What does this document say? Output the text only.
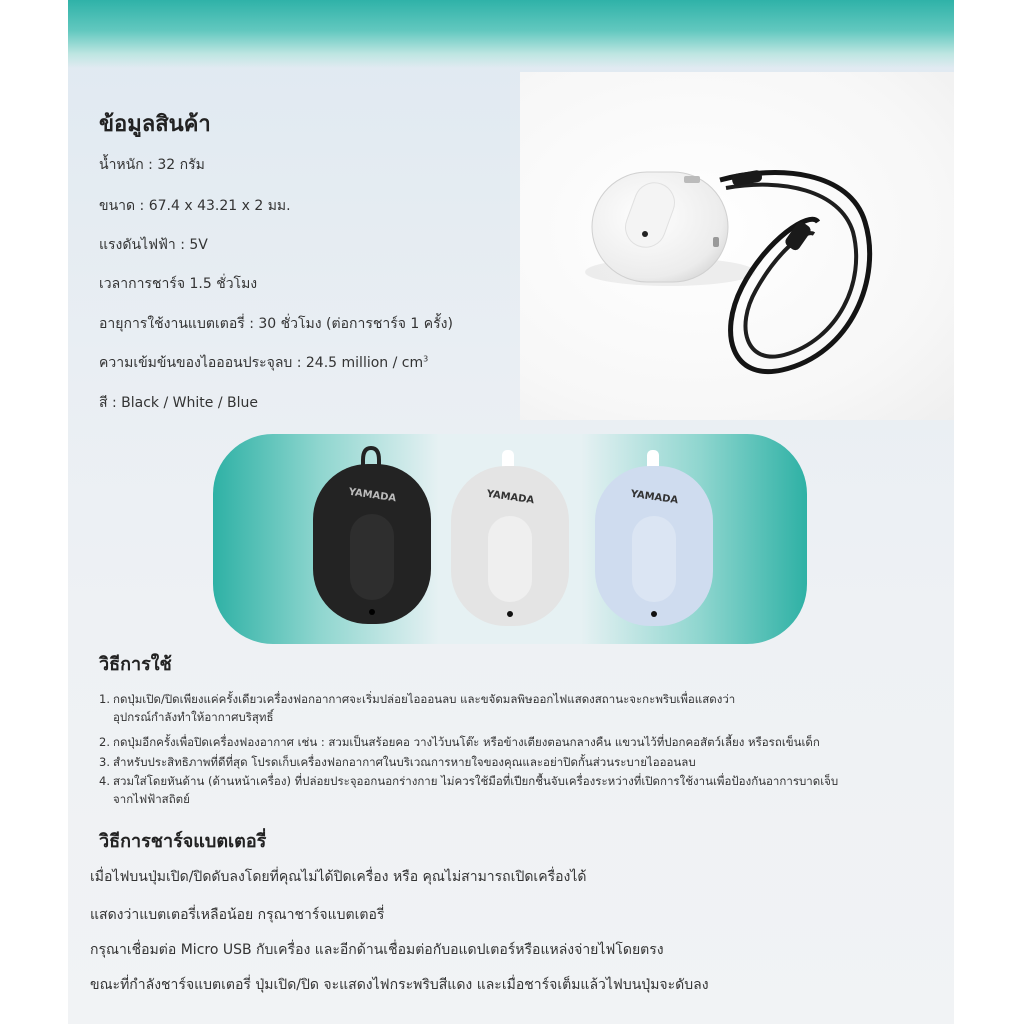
ข้อมูลสินค้า
น้ำหนัก : 32 กรัม
ขนาด : 67.4 x 43.21 x 2 มม.
แรงดันไฟฟ้า : 5V
เวลาการชาร์จ 1.5 ชั่วโมง
อายุการใช้งานแบตเตอรี่ : 30 ชั่วโมง (ต่อการชาร์จ 1 ครั้ง)
ความเข้มข้นของไอออนประจุลบ : 24.5 million / $cm^3$
สี : Black / White / Blue
YAMADA	YAMADA	YAMADA
วิธีการใช้
1. กดปุ่มเปิด/ปิดเพียงแค่ครั้งเดียวเครื่องฟอกอากาศจะเริ่มปล่อยไอออนลบ และขจัดมลพิษออกไฟแสดงสถานะจะกะพริบเพื่อแสดงว่า
อุปกรณ์กำลังทำให้อากาศบริสุทธิ์
2. กดปุ่มอีกครั้งเพื่อปิดเครื่องฟองอากาศ เช่น : สวมเป็นสร้อยคอ วางไว้บนโต๊ะ หรือข้างเตียงตอนกลางคืน แขวนไว้ที่ปอกคอสัตว์เลี้ยง หรือรถเข็นเด็ก
3. สำหรับประสิทธิภาพที่ดีที่สุด โปรดเก็บเครื่องฟอกอากาศในบริเวณการหายใจของคุณและอย่าปิดกั้นส่วนระบายไอออนลบ
4. สวมใส่โดยหันด้าน (ด้านหน้าเครื่อง) ที่ปล่อยประจุออกนอกร่างกาย ไม่ควรใช้มือที่เปียกชื้นจับเครื่องระหว่างที่เปิดการใช้งานเพื่อป้องกันอาการบาดเจ็บ
จากไฟฟ้าสถิตย์
วิธีการชาร์จแบตเตอรี่
เมื่อไฟบนปุ่มเปิด/ปิดดับลงโดยที่คุณไม่ได้ปิดเครื่อง หรือ คุณไม่สามารถเปิดเครื่องได้
แสดงว่าแบตเตอรี่เหลือน้อย กรุณาชาร์จแบตเตอรี่
กรุณาเชื่อมต่อ Micro USB กับเครื่อง และอีกด้านเชื่อมต่อกับอแดปเตอร์หรือแหล่งจ่ายไฟโดยตรง
ขณะที่กำลังชาร์จแบตเตอรี่ ปุ่มเปิด/ปิด จะแสดงไฟกระพริบสีแดง และเมื่อชาร์จเต็มแล้วไฟบนปุ่มจะดับลง
